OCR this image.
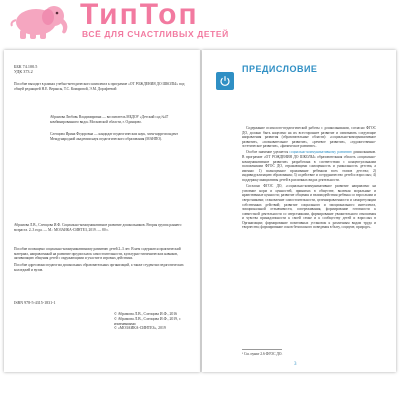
ТипТоп
ВСЁ ДЛЯ СЧАСТЛИВЫХ ДЕТЕЙ
ББК 74.100.5
УДК 373.2
Пособие выходит в рамках учебно-методического комплекта к программе «ОТ РОЖДЕНИЯ ДО ШКОЛЫ» под общей редакцией Н.Е. Вераксы, Т.С. Комаровой, Э.М. Дорофеевой
Абрамова Любовь Владимировна — воспитатель МБДОУ «Детский сад №47 комбинированного вида» Московской области, г. Одинцово.
Слепцова Ирина Федоровна — кандидат педагогических наук, член-корреспондент Международной академии наук педагогического образования (МАНПО).
Абрамова Л.В., Слепцова И.Ф. Социально-коммуникативное развитие дошкольников. Вторая группа раннего возраста. 2–3 года. — М.: МОЗАИКА-СИНТЕЗ, 2019. — 80 с.
Пособие посвящено социально-коммуникативному развитию детей 2–3 лет. В нем содержатся практический материал, направленный на развитие предпосылок самостоятельности, культурно-гигиенических навыков, активизацию общения детей с окружающими и участие в игровых действиях.
Пособие адресовано педагогам дошкольных образовательных организаций, а также студентам педагогических колледжей и вузов.
ISBN 978-5-4315-1831-1
© Абрамова Л.В., Слепцова И.Ф., 2016
© Абрамова Л.В., Слепцова И.Ф., 2019, с изменениями
© «МОЗАИКА-СИНТЕЗ», 2019
ПРЕДИСЛОВИЕ

Содержание психолого-педагогической работы с дошкольниками, согласно ФГОС ДО, должно быть нацелено на их всестороннее развитие и охватывать следующие направления развития (образовательные области): «социально-коммуникативное развитие», «познавательное развитие», «речевое развитие», «художественно-эстетическое развитие», «физическое развитие».

Особое значение уделяется социально-коммуникативному развитию дошкольников. В программе «ОТ РОЖДЕНИЯ ДО ШКОЛЫ» образовательная область «социально-коммуникативное развитие» разработана в соответствии с концептуальными положениями ФГОС ДО, отражающими самоценность и уникальность детства, а именно: 1) полноценное проживание ребенком всех этапов детства; 2) индивидуализацию образования; 3) содействие и сотрудничество детей и взрослых; 4) поддержку инициативы детей в различных видах деятельности.

Согласно ФГОС ДО, «социально-коммуникативное развитие направлено на усвоение норм и ценностей, принятых в обществе, включая моральные и нравственные ценности; развитие общения и взаимодействия ребенка со взрослыми и сверстниками; становление самостоятельности, целенаправленности и саморегуляции собственных действий; развитие социального и эмоционального интеллекта, эмоциональной отзывчивости, сопереживания, формирование готовности к совместной деятельности со сверстниками, формирование уважительного отношения и чувства принадлежности к своей семье и к сообществу детей и взрослых в Организации; формирование позитивных установок к различным видам труда и творчества; формирование основ безопасного поведения в быту, социуме, природе».

¹ См. пункт 2.6 ФГОС ДО.
3
